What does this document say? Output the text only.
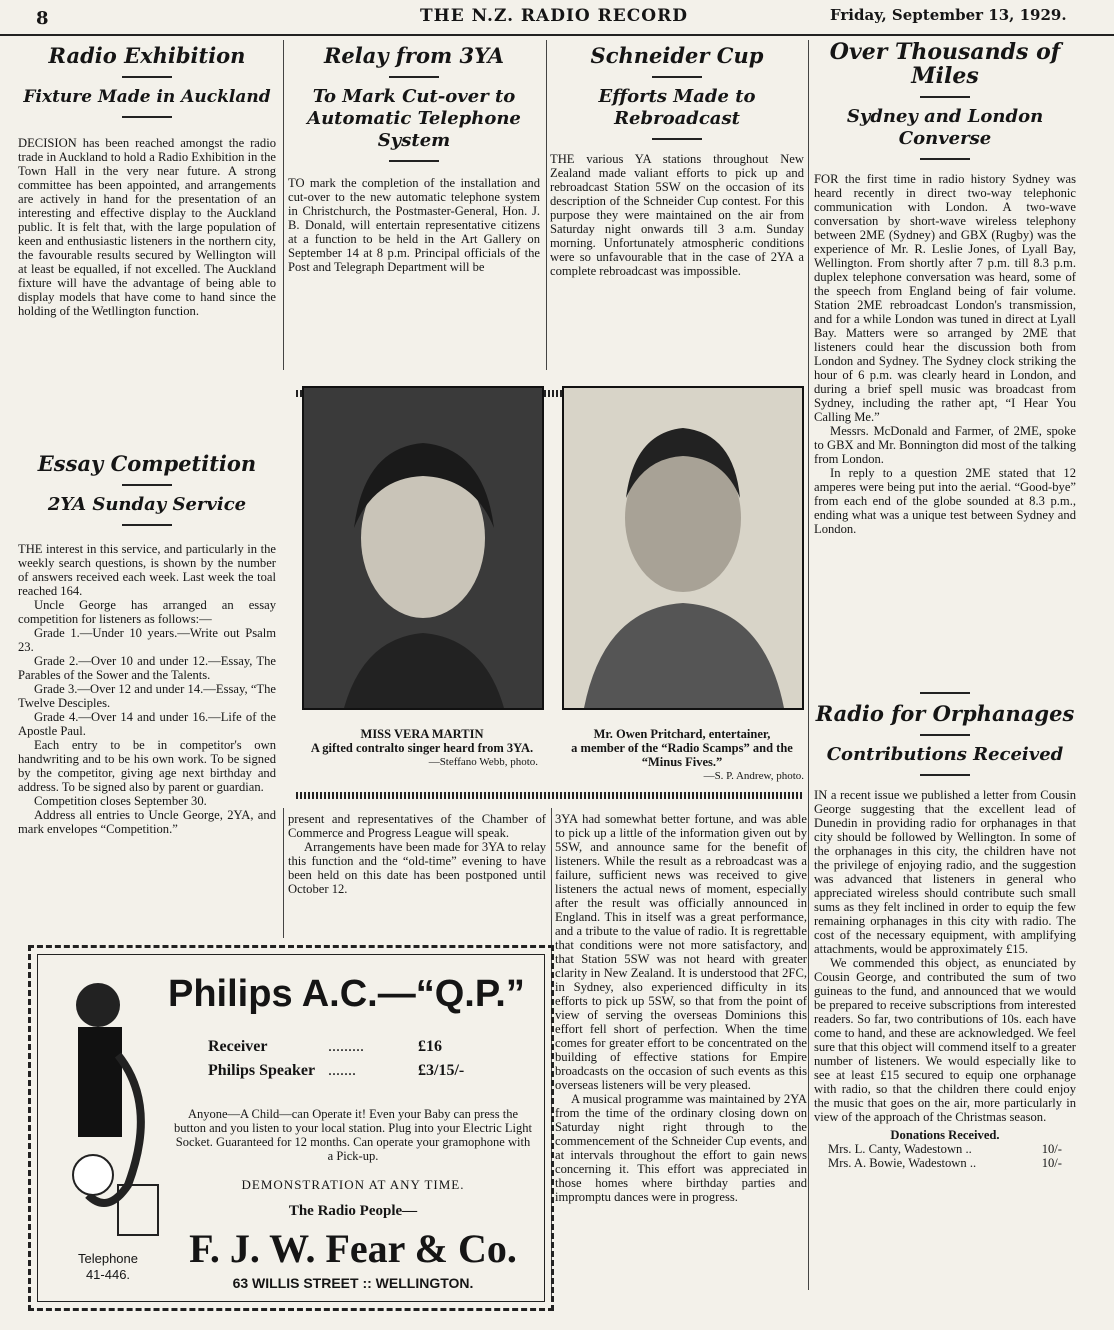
8	THE N.Z. RADIO RECORD	Friday, September 13, 1929.
Radio Exhibition
Fixture Made in Auckland

DECISION has been reached amongst the radio trade in Auckland to hold a Radio Exhibition in the Town Hall in the very near future. A strong committee has been appointed, and arrangements are actively in hand for the presentation of an interesting and effective display to the Auckland public. It is felt that, with the large population of keen and enthusiastic listeners in the northern city, the favourable results secured by Wellington will at least be equalled, if not excelled. The Auckland fixture will have the advantage of being able to display models that have come to hand since the holding of the Wetllington function.

Essay Competition
2YA Sunday Service

THE interest in this service, and particularly in the weekly search questions, is shown by the number of answers received each week. Last week the toal reached 164.

Uncle George has arranged an essay competition for listeners as follows:—

Grade 1.—Under 10 years.—Write out Psalm 23.

Grade 2.—Over 10 and under 12.—Essay, The Parables of the Sower and the Talents.

Grade 3.—Over 12 and under 14.—Essay, “The Twelve Desciples.

Grade 4.—Over 14 and under 16.—Life of the Apostle Paul.

Each entry to be in competitor's own handwriting and to be his own work. To be signed by the competitor, giving age next birthday and address. To be signed also by parent or guardian.

Competition closes September 30.

Address all entries to Uncle George, 2YA, and mark envelopes “Competition.”

Relay from 3YA
To Mark Cut-over to Automatic Telephone System

TO mark the completion of the installation and cut-over to the new automatic telephone system in Christchurch, the Postmaster-General, Hon. J. B. Donald, will entertain representative citizens at a function to be held in the Art Gallery on September 14 at 8 p.m. Principal officials of the Post and Telegraph Department will be

Schneider Cup
Efforts Made to Rebroadcast

THE various YA stations throughout New Zealand made valiant efforts to pick up and rebroadcast Station 5SW on the occasion of its description of the Schneider Cup contest. For this purpose they were maintained on the air from Saturday night onwards till 3 a.m. Sunday morning. Unfortunately atmospheric conditions were so unfavourable that in the case of 2YA a complete rebroadcast was impossible.

MISS VERA MARTIN
A gifted contralto singer heard from 3YA.
—Steffano Webb, photo.
Mr. Owen Pritchard, entertainer,
a member of the “Radio Scamps” and the “Minus Fives.”
—S. P. Andrew, photo.

present and representatives of the Chamber of Commerce and Progress League will speak.

Arrangements have been made for 3YA to relay this function and the “old-time” evening to have been held on this date has been postponed until October 12.

3YA had somewhat better fortune, and was able to pick up a little of the information given out by 5SW, and announce same for the benefit of listeners. While the result as a rebroadcast was a failure, sufficient news was received to give listeners the actual news of moment, especially after the result was officially announced in England. This in itself was a great performance, and a tribute to the value of radio. It is regrettable that conditions were not more satisfactory, and that Station 5SW was not heard with greater clarity in New Zealand. It is understood that 2FC, in Sydney, also experienced difficulty in its efforts to pick up 5SW, so that from the point of view of serving the overseas Dominions this effort fell short of perfection. When the time comes for greater effort to be concentrated on the building of effective stations for Empire broadcasts on the occasion of such events as this overseas listeners will be very pleased.

A musical programme was maintained by 2YA from the time of the ordinary closing down on Saturday night right through to the commencement of the Schneider Cup events, and at intervals throughout the effort to gain news concerning it. This effort was appreciated in those homes where birthday parties and impromptu dances were in progress.

Over Thousands of Miles
Sydney and London Converse

FOR the first time in radio history Sydney was heard recently in direct two-way telephonic communication with London. A two-wave conversation by short-wave wireless telephony between 2ME (Sydney) and GBX (Rugby) was the experience of Mr. R. Leslie Jones, of Lyall Bay, Wellington. From shortly after 7 p.m. till 8.3 p.m. duplex telephone conversation was heard, some of the speech from England being of fair volume. Station 2ME rebroadcast London's transmission, and for a while London was tuned in direct at Lyall Bay. Matters were so arranged by 2ME that listeners could hear the discussion both from London and Sydney. The Sydney clock striking the hour of 6 p.m. was clearly heard in London, and during a brief spell music was broadcast from Sydney, including the rather apt, “I Hear You Calling Me.”

Messrs. McDonald and Farmer, of 2ME, spoke to GBX and Mr. Bonnington did most of the talking from London.

In reply to a question 2ME stated that 12 amperes were being put into the aerial. “Good-bye” from each end of the globe sounded at 8.3 p.m., ending what was a unique test between Sydney and London.

Radio for Orphanages
Contributions Received

IN a recent issue we published a letter from Cousin George suggesting that the excellent lead of Dunedin in providing radio for orphanages in that city should be followed by Wellington. In some of the orphanages in this city, the children have not the privilege of enjoying radio, and the suggestion was advanced that listeners in general who appreciated wireless should contribute such small sums as they felt inclined in order to equip the few remaining orphanages in this city with radio. The cost of the necessary equipment, with amplifying attachments, would be approximately £15.

We commended this object, as enunciated by Cousin George, and contributed the sum of two guineas to the fund, and announced that we would be prepared to receive subscriptions from interested readers. So far, two contributions of 10s. each have come to hand, and these are acknowledged. We feel sure that this object will commend itself to a greater number of listeners. We would especially like to see at least £15 secured to equip one orphanage with radio, so that the children there could enjoy the music that goes on the air, more particularly in view of the approach of the Christmas season.

Donations Received.
Mrs. L. Canty, Wadestown ..	10/-
Mrs. A. Bowie, Wadestown ..	10/-
Philips A.C.—“Q.P.”
Receiver	.........	£16
Philips Speaker .......	£3/15/-
Anyone—A Child—can Operate it! Even your Baby can press the button and you listen to your local station. Plug into your Electric Light Socket. Guaranteed for 12 months. Can operate your gramophone with a Pick-up.
DEMONSTRATION AT ANY TIME.
The Radio People—
F. J. W. Fear & Co.
Telephone
41-446.
63 WILLIS STREET :: WELLINGTON.
